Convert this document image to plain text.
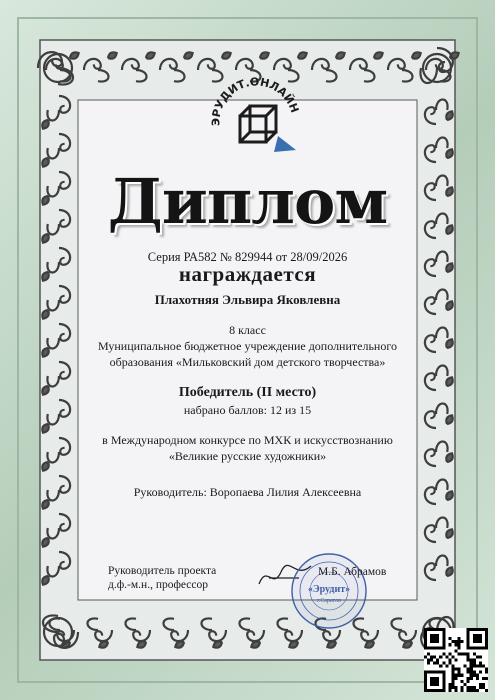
ЭРУДИТ.ОНЛАЙН
Диплом
Серия РА582 № 829944 от 28/09/2026
награждается
Плахотняя Эльвира Яковлевна
8 класс
Муниципальное бюджетное учреждение дополнительного
образования «Мильковский дом детского творчества»
Победитель (II место)
набрано баллов: 12 из 15
в Международном конкурсе по МХК и искусствознанию
«Великие русские художники»
Руководитель: Воропаева Лилия Алексеевна
Руководитель проекта
д.ф.-м.н., профессор	«Эрудит»
г.Саратов
М.Б. Абрамов
